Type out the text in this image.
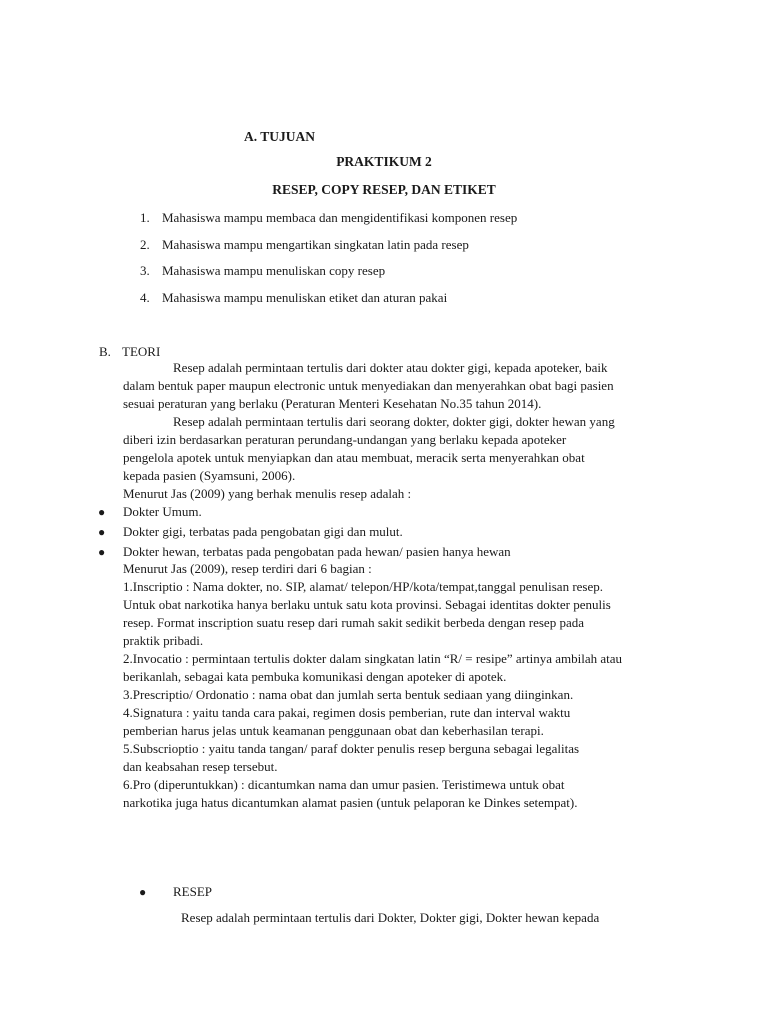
A. TUJUAN
PRAKTIKUM 2
RESEP, COPY RESEP, DAN ETIKET
1. Mahasiswa mampu membaca dan mengidentifikasi komponen resep
2. Mahasiswa mampu mengartikan singkatan latin pada resep
3. Mahasiswa mampu menuliskan copy resep
4. Mahasiswa mampu menuliskan etiket dan aturan pakai
B. TEORI
Resep adalah permintaan tertulis dari dokter atau dokter gigi, kepada apoteker, baik
dalam bentuk paper maupun electronic untuk menyediakan dan menyerahkan obat bagi pasien
sesuai peraturan yang berlaku (Peraturan Menteri Kesehatan No.35 tahun 2014).
Resep adalah permintaan tertulis dari seorang dokter, dokter gigi, dokter hewan yang
diberi izin berdasarkan peraturan perundang-undangan yang berlaku kepada apoteker
pengelola apotek untuk menyiapkan dan atau membuat, meracik serta menyerahkan obat
kepada pasien (Syamsuni, 2006).
Menurut Jas (2009) yang berhak menulis resep adalah :
●	Dokter Umum.
●	Dokter gigi, terbatas pada pengobatan gigi dan mulut.
●	Dokter hewan, terbatas pada pengobatan pada hewan/ pasien hanya hewan
Menurut Jas (2009), resep terdiri dari 6 bagian :
1.Inscriptio : Nama dokter, no. SIP, alamat/ telepon/HP/kota/tempat,tanggal penulisan resep.
Untuk obat narkotika hanya berlaku untuk satu kota provinsi. Sebagai identitas dokter penulis
resep. Format inscription suatu resep dari rumah sakit sedikit berbeda dengan resep pada
praktik pribadi.
2.Invocatio : permintaan tertulis dokter dalam singkatan latin “R/ = resipe” artinya ambilah atau
berikanlah, sebagai kata pembuka komunikasi dengan apoteker di apotek.
3.Prescriptio/ Ordonatio : nama obat dan jumlah serta bentuk sediaan yang diinginkan.
4.Signatura : yaitu tanda cara pakai, regimen dosis pemberian, rute dan interval waktu
pemberian harus jelas untuk keamanan penggunaan obat dan keberhasilan terapi.
5.Subscrioptio : yaitu tanda tangan/ paraf dokter penulis resep berguna sebagai legalitas
dan keabsahan resep tersebut.
6.Pro (diperuntukkan) : dicantumkan nama dan umur pasien. Teristimewa untuk obat
narkotika juga hatus dicantumkan alamat pasien (untuk pelaporan ke Dinkes setempat).
● RESEP
Resep adalah permintaan tertulis dari Dokter, Dokter gigi, Dokter hewan kepada
